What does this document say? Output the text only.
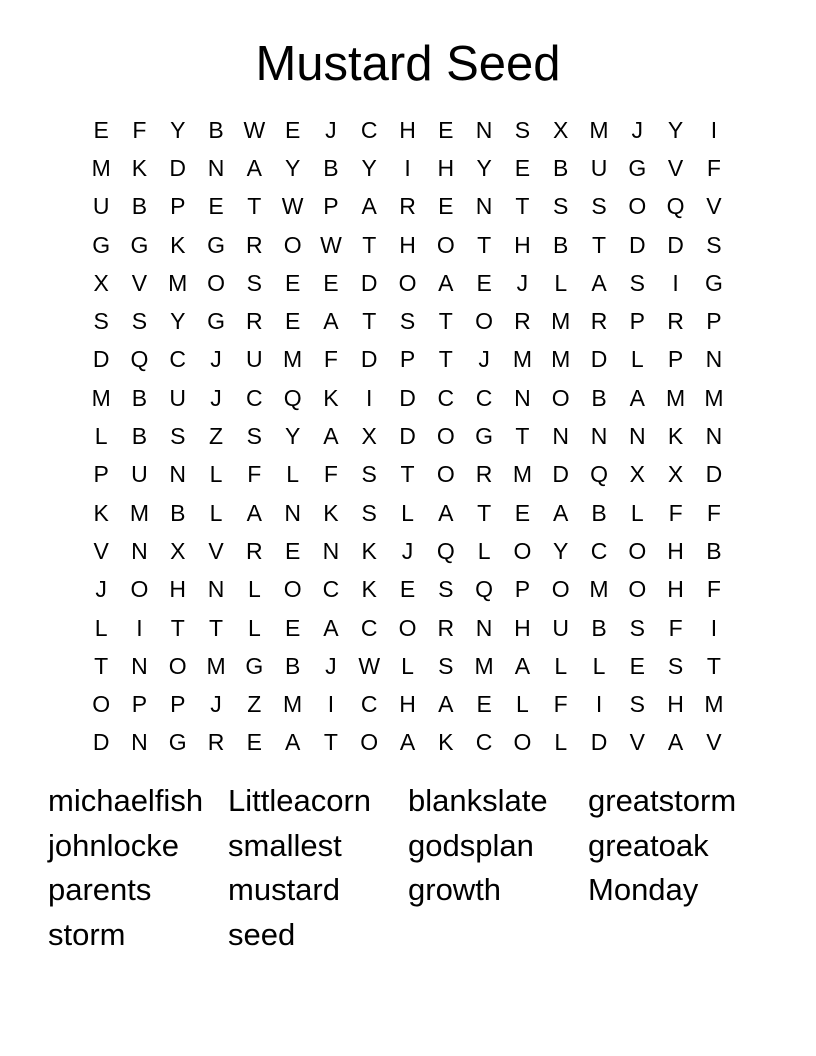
Mustard Seed
E	F	Y B W E	J	C H E N S X M J	Y	I
M K D N A Y B Y	I	H Y E B U G V	F
U B P E	T W P A R E N T	S S O Q V
G G K G R O W T H O T H B	T D D S
X V M O S E E D O A E	J	L	A S	I	G
S S Y G R E A	T	S	T O R M R P R P
D Q C	J	U M F D P	T	J M M D	L	P N
M B U	J	C Q K	I	D C C N O B A M M
L	B S	Z	S Y A X D O G T N N N K N
P U N	L	F	L	F	S	T O R M D Q X X D
K M B	L	A N K S	L	A	T	E A B	L	F	F
V N X V R E N K	J	Q L O Y C O H B
J	O H N	L O C K E S Q P O M O H F
L	I	T	T	L	E A C O R N H U B S	F	I
T N O M G B	J W L	S M A	L	L	E S	T
O P P	J	Z M	I	C H A E	L	F	I	S H M
D N G R E A	T O A K C O L	D V A V
michaelfish Littleacorn	blankslate	greatstorm
johnlocke	smallest	godsplan	greatoak
parents	mustard	growth	Monday
storm	seed
